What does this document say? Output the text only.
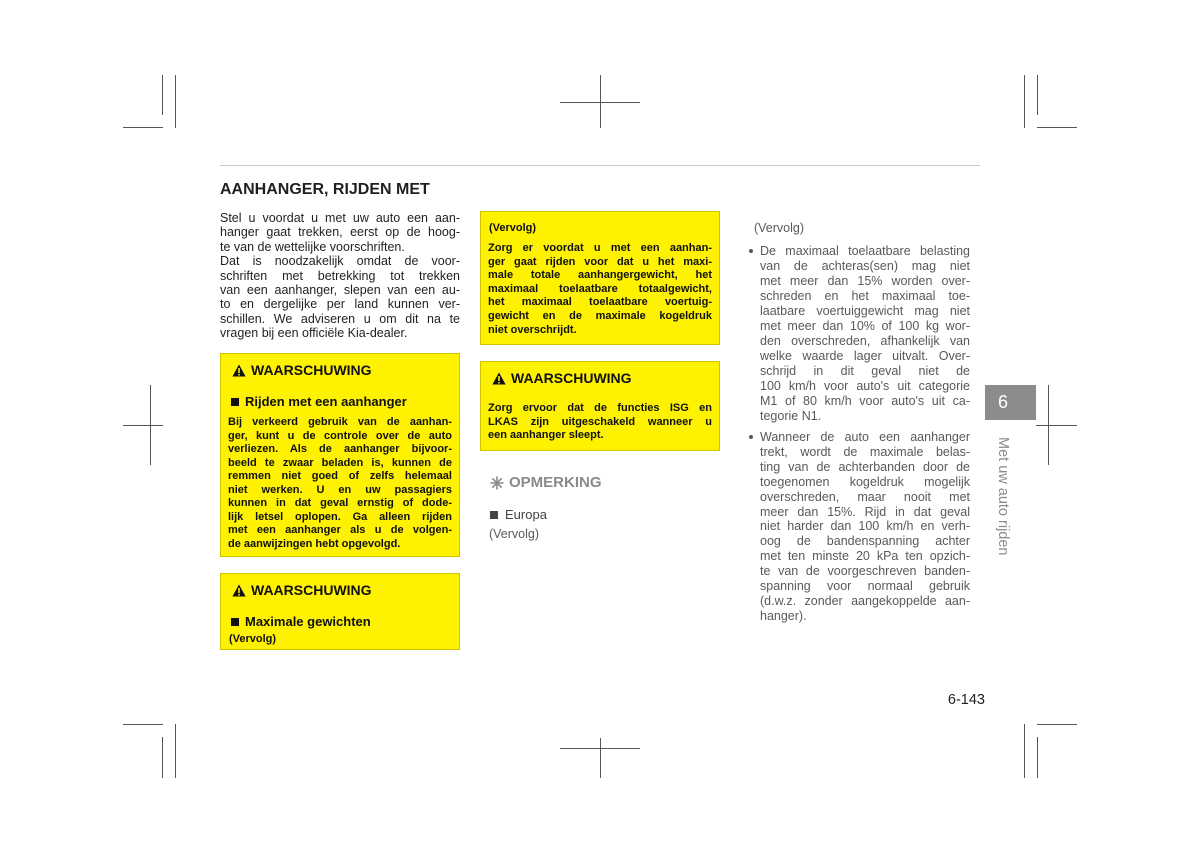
AANHANGER, RIJDEN MET
Stel u voordat u met uw auto een aan-
hanger gaat trekken, eerst op de hoog-
te van de wettelijke voorschriften.
Dat is noodzakelijk omdat de voor-
schriften met betrekking tot trekken
van een aanhanger, slepen van een au-
to en dergelijke per land kunnen ver-
schillen. We adviseren u om dit na te
vragen bij een officiële Kia-dealer.
WAARSCHUWING
Rijden met een aanhanger
Bij verkeerd gebruik van de aanhan-
ger, kunt u de controle over de auto
verliezen. Als de aanhanger bijvoor-
beeld te zwaar beladen is, kunnen de
remmen niet goed of zelfs helemaal
niet werken. U en uw passagiers
kunnen in dat geval ernstig of dode-
lijk letsel oplopen. Ga alleen rijden
met een aanhanger als u de volgen-
de aanwijzingen hebt opgevolgd.
WAARSCHUWING
Maximale gewichten
(Vervolg)
(Vervolg)
Zorg er voordat u met een aanhan-
ger gaat rijden voor dat u het maxi-
male totale aanhangergewicht, het
maximaal toelaatbare totaalgewicht,
het maximaal toelaatbare voertuig-
gewicht en de maximale kogeldruk
niet overschrijdt.
WAARSCHUWING
Zorg ervoor dat de functies ISG en
LKAS zijn uitgeschakeld wanneer u
een aanhanger sleept.
OPMERKING
Europa
(Vervolg)
(Vervolg)
De maximaal toelaatbare belasting
van de achteras(sen) mag niet
met meer dan 15% worden over-
schreden en het maximaal toe-
laatbare voertuiggewicht mag niet
met meer dan 10% of 100 kg wor-
den overschreden, afhankelijk van
welke waarde lager uitvalt. Over-
schrijd in dit geval niet de
100 km/h voor auto's uit categorie
M1 of 80 km/h voor auto's uit ca-
tegorie N1.
Wanneer de auto een aanhanger
trekt, wordt de maximale belas-
ting van de achterbanden door de
toegenomen kogeldruk mogelijk
overschreden, maar nooit met
meer dan 15%. Rijd in dat geval
niet harder dan 100 km/h en verh-
oog de bandenspanning achter
met ten minste 20 kPa ten opzich-
te van de voorgeschreven banden-
spanning voor normaal gebruik
(d.w.z. zonder aangekoppelde aan-
hanger).
6
Met uw auto rijden
6-143
